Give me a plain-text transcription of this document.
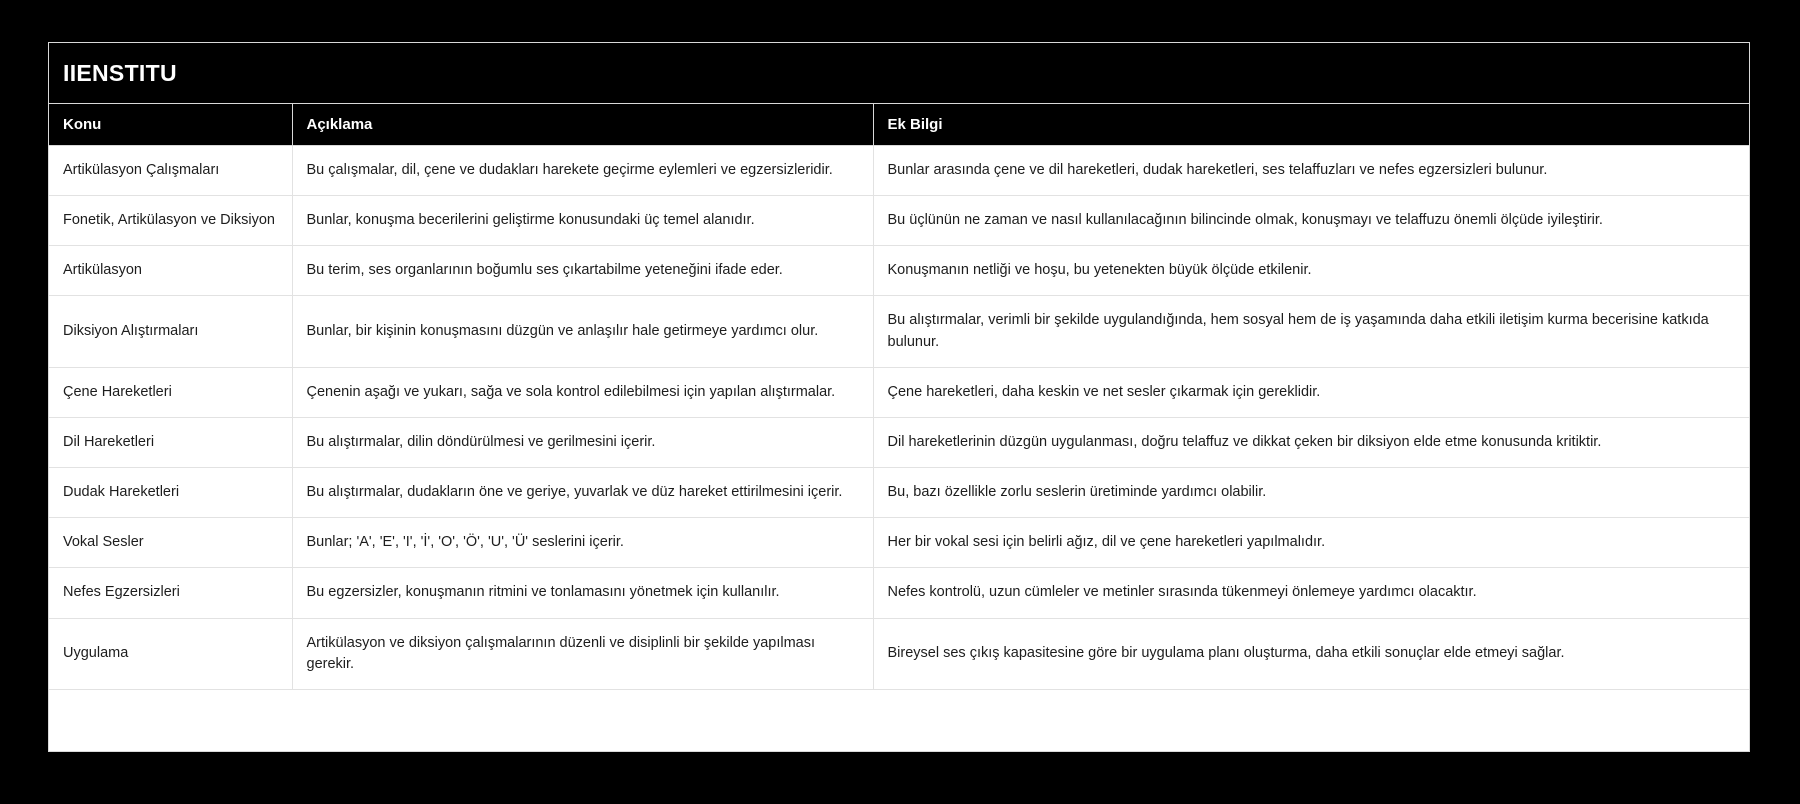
IIENSTITU		
Konu	Açıklama	Ek Bilgi
Artikülasyon Çalışmaları	Bu çalışmalar, dil, çene ve dudakları harekete geçirme eylemleri ve egzersizleridir.	Bunlar arasında çene ve dil hareketleri, dudak hareketleri, ses telaffuzları ve nefes egzersizleri bulunur.
Fonetik, Artikülasyon ve Diksiyon	Bunlar, konuşma becerilerini geliştirme konusundaki üç temel alanıdır.	Bu üçlünün ne zaman ve nasıl kullanılacağının bilincinde olmak, konuşmayı ve telaffuzu önemli ölçüde iyileştirir.
Artikülasyon	Bu terim, ses organlarının boğumlu ses çıkartabilme yeteneğini ifade eder.	Konuşmanın netliği ve hoşu, bu yetenekten büyük ölçüde etkilenir.
Diksiyon Alıştırmaları	Bunlar, bir kişinin konuşmasını düzgün ve anlaşılır hale getirmeye yardımcı olur.	Bu alıştırmalar, verimli bir şekilde uygulandığında, hem sosyal hem de iş yaşamında daha etkili iletişim kurma becerisine katkıda bulunur.
Çene Hareketleri	Çenenin aşağı ve yukarı, sağa ve sola kontrol edilebilmesi için yapılan alıştırmalar.	Çene hareketleri, daha keskin ve net sesler çıkarmak için gereklidir.
Dil Hareketleri	Bu alıştırmalar, dilin döndürülmesi ve gerilmesini içerir.	Dil hareketlerinin düzgün uygulanması, doğru telaffuz ve dikkat çeken bir diksiyon elde etme konusunda kritiktir.
Dudak Hareketleri	Bu alıştırmalar, dudakların öne ve geriye, yuvarlak ve düz hareket ettirilmesini içerir.	Bu, bazı özellikle zorlu seslerin üretiminde yardımcı olabilir.
Vokal Sesler	Bunlar; 'A', 'E', 'I', 'İ', 'O', 'Ö', 'U', 'Ü' seslerini içerir.	Her bir vokal sesi için belirli ağız, dil ve çene hareketleri yapılmalıdır.
Nefes Egzersizleri	Bu egzersizler, konuşmanın ritmini ve tonlamasını yönetmek için kullanılır.	Nefes kontrolü, uzun cümleler ve metinler sırasında tükenmeyi önlemeye yardımcı olacaktır.
Uygulama	Artikülasyon ve diksiyon çalışmalarının düzenli ve disiplinli bir şekilde yapılması gerekir.	Bireysel ses çıkış kapasitesine göre bir uygulama planı oluşturma, daha etkili sonuçlar elde etmeyi sağlar.
